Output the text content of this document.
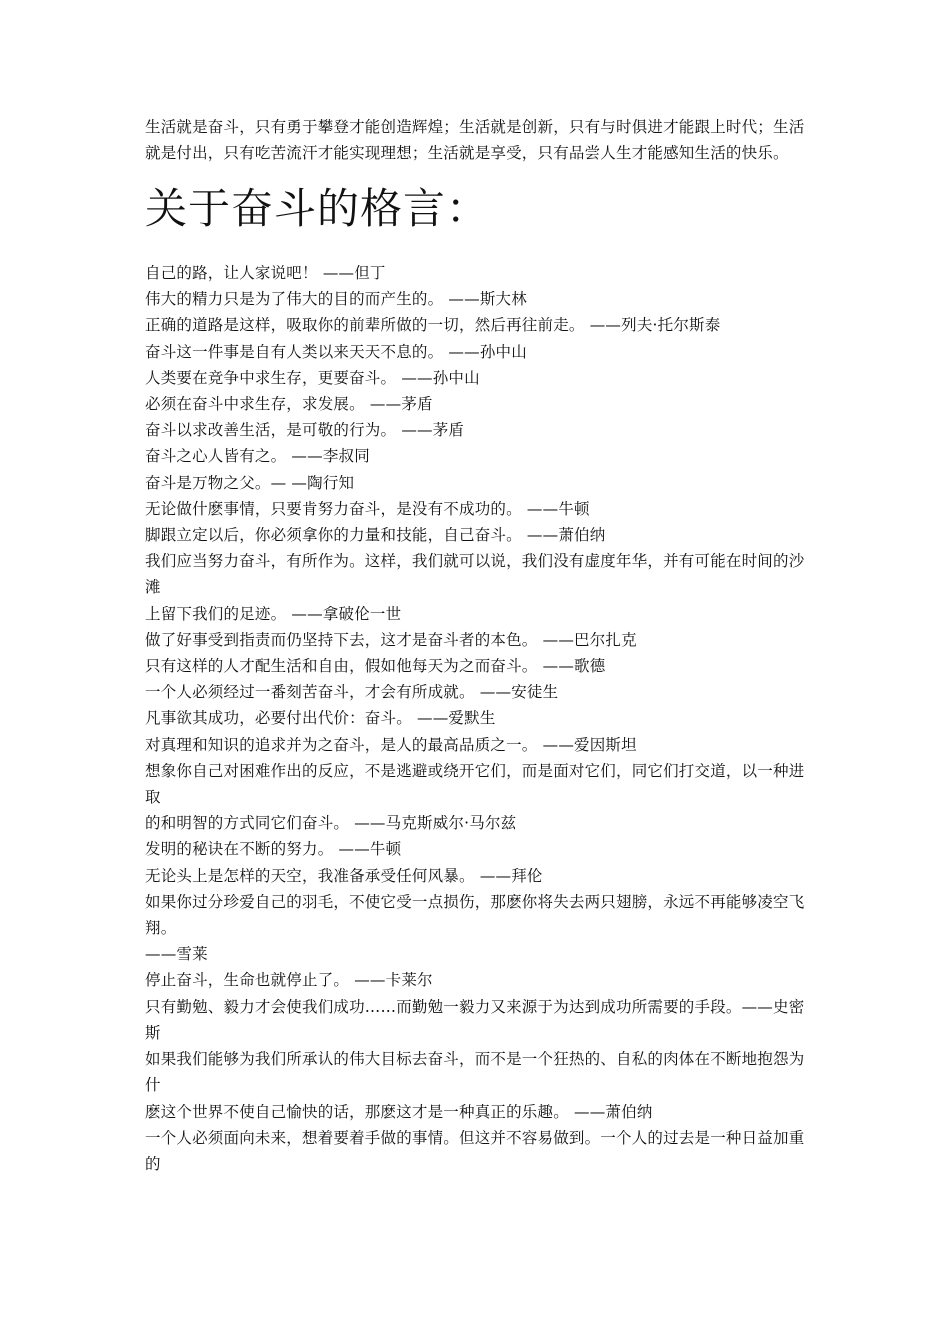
生活就是奋斗，只有勇于攀登才能创造辉煌；生活就是创新，只有与时俱进才能跟上时代；生活就是付出，只有吃苦流汗才能实现理想；生活就是享受，只有品尝人生才能感知生活的快乐。

关于奋斗的格言：
自己的路，让人家说吧！ ——但丁
伟大的精力只是为了伟大的目的而产生的。 ——斯大林
正确的道路是这样，吸取你的前辈所做的一切，然后再往前走。 ——列夫·托尔斯泰
奋斗这一件事是自有人类以来天天不息的。 ——孙中山
人类要在竞争中求生存，更要奋斗。 ——孙中山
必须在奋斗中求生存，求发展。 ——茅盾
奋斗以求改善生活，是可敬的行为。 ——茅盾
奋斗之心人皆有之。 ——李叔同
奋斗是万物之父。— —陶行知
无论做什麽事情，只要肯努力奋斗，是没有不成功的。 ——牛顿
脚跟立定以后，你必须拿你的力量和技能，自己奋斗。 ——萧伯纳
我们应当努力奋斗，有所作为。这样，我们就可以说，我们没有虚度年华，并有可能在时间的沙滩
上留下我们的足迹。 ——拿破伦一世
做了好事受到指责而仍坚持下去，这才是奋斗者的本色。 ——巴尔扎克
只有这样的人才配生活和自由，假如他每天为之而奋斗。 ——歌德
一个人必须经过一番刻苦奋斗，才会有所成就。 ——安徒生
凡事欲其成功，必要付出代价：奋斗。 ——爱默生
对真理和知识的追求并为之奋斗，是人的最高品质之一。 ——爱因斯坦
想象你自己对困难作出的反应，不是逃避或绕开它们，而是面对它们，同它们打交道，以一种进取
的和明智的方式同它们奋斗。 ——马克斯威尔·马尔兹
发明的秘诀在不断的努力。 ——牛顿
无论头上是怎样的天空，我准备承受任何风暴。 ——拜伦
如果你过分珍爱自己的羽毛，不使它受一点损伤，那麽你将失去两只翅膀，永远不再能够凌空飞翔。
——雪莱
停止奋斗，生命也就停止了。 ——卡莱尔
只有勤勉、毅力才会使我们成功……而勤勉一毅力又来源于为达到成功所需要的手段。——史密斯
如果我们能够为我们所承认的伟大目标去奋斗，而不是一个狂热的、自私的肉体在不断地抱怨为什
麽这个世界不使自己愉快的话，那麽这才是一种真正的乐趣。 ——萧伯纳
一个人必须面向未来，想着要着手做的事情。但这并不容易做到。一个人的过去是一种日益加重的
